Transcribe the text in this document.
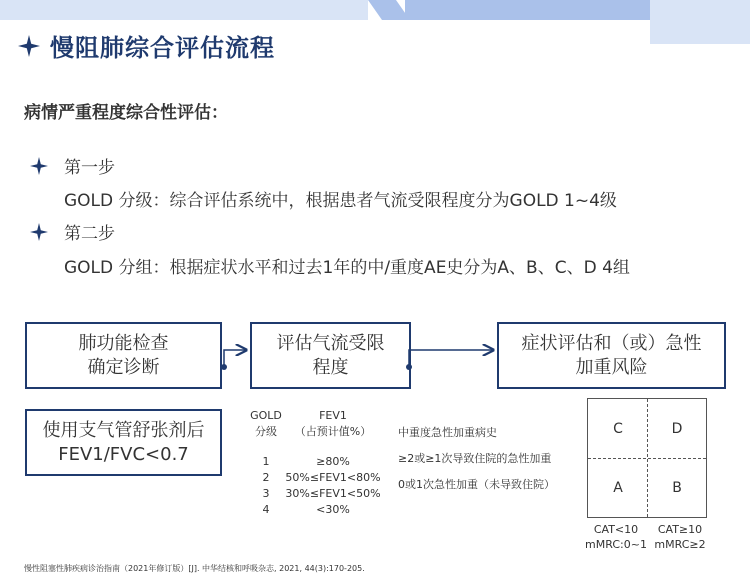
慢阻肺综合评估流程
病情严重程度综合性评估：
第一步
GOLD 分级：综合评估系统中，根据患者气流受限程度分为GOLD 1~4级
第二步
GOLD 分组：根据症状水平和过去1年的中/重度AE史分为A、B、C、D 4组
肺功能检查
确定诊断
评估气流受限
程度
症状评估和（或）急性
加重风险
使用支气管舒张剂后
FEV1/FVC<0.7
GOLD
分级
1
2
3
4
FEV1
（占预计值%）
≥80%
50%≤FEV1<80%
30%≤FEV1<50%
<30%
中重度急性加重病史
≥2或≥1次导致住院的急性加重
0或1次急性加重（未导致住院）
C	D
A	B
CAT<10
mMRC:0~1
CAT≥10
mMRC≥2
慢性阻塞性肺疾病诊治指南（2021年修订版）[J]. 中华结核和呼吸杂志, 2021, 44(3):170-205.
